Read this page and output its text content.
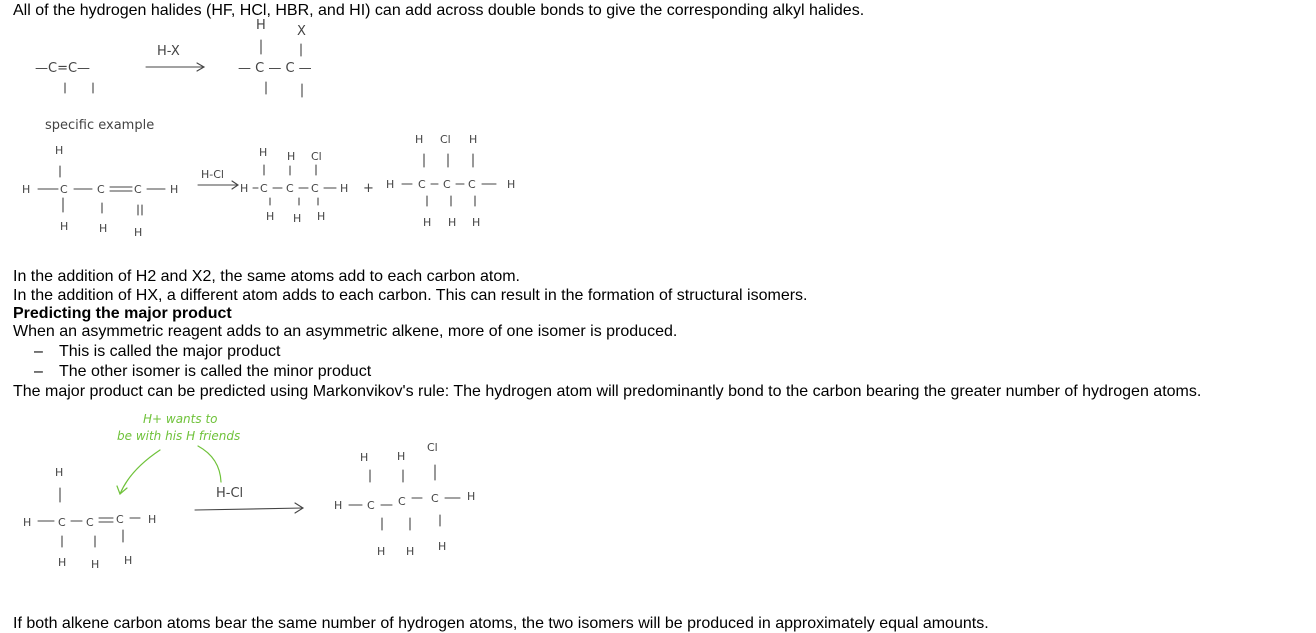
All of the hydrogen halides (HF, HCl, HBR, and HI) can add across double bonds to give the corresponding alkyl halides.
In the addition of H2 and X2, the same atoms add to each carbon atom.
In the addition of HX, a different atom adds to each carbon. This can result in the formation of structural isomers.
Predicting the major product
When an asymmetric reagent adds to an asymmetric alkene, more of one isomer is produced.
– This is called the major product
– The other isomer is called the minor product
The major product can be predicted using Markonvikov's rule: The hydrogen atom will predominantly bond to the carbon bearing the greater number of hydrogen atoms.
If both alkene carbon atoms bear the same number of hydrogen atoms, the two isomers will be produced in approximately equal amounts.
—C=C—
H-X
H X
— C — C —
specific example
H
H	C	C	C	H
H	H H
H-Cl
H H Cl
H C C C H
H H H
+
H Cl H
H C C C	H
H H H
H+ wants to
be with his H friends
H
H C C C H
H H H
H-Cl
H	H
Cl
H C C C	H
H H H
